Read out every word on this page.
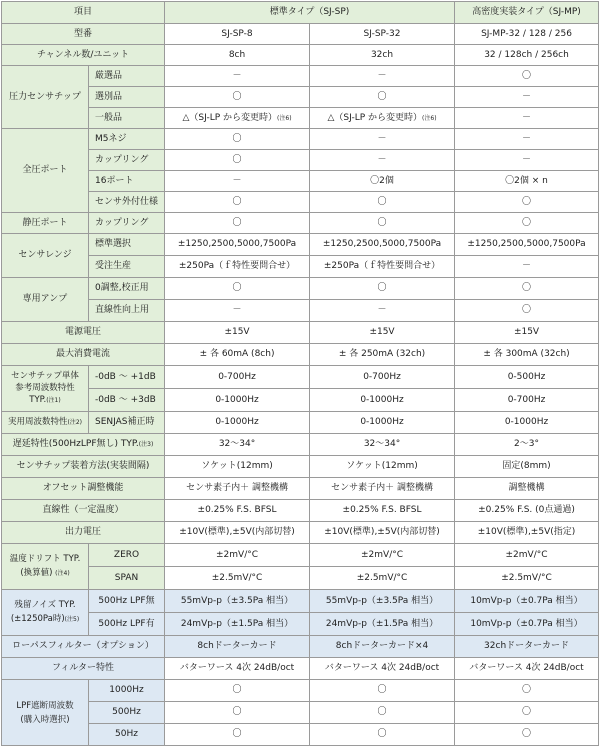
項目		標準タイプ（SJ-SP)		高密度実装タイプ（SJ-MP)
型番		SJ-SP-8	SJ-SP-32	SJ-MP-32 / 128 / 256
チャンネル数/ユニット		8ch	32ch	32 / 128ch / 256ch
圧力センサチップ	厳選品	－	－	〇
	選別品	〇	〇	－
	一般品	△（SJ-LP から変更時）(注6)	△（SJ-LP から変更時）(注6)	－
全圧ポート	M5ネジ	〇	－	－
	カップリング	〇	－	－
	16ポート	－	〇2個	〇2個 × n
	センサ外付仕様	〇	〇	〇
静圧ポート	カップリング	〇	〇	〇
センサレンジ	標準選択	±1250,2500,5000,7500Pa	±1250,2500,5000,7500Pa	±1250,2500,5000,7500Pa
	受注生産	±250Pa（ｆ特性要問合せ）	±250Pa（ｆ特性要問合せ）	－
専用アンプ	0調整,校正用	〇	〇	〇
	直線性向上用	－	－	〇
電源電圧		±15V	±15V	±15V
最大消費電流		± 各 60mA (8ch)	± 各 250mA (32ch)	± 各 300mA (32ch)

センサチップ単体
参考周波数特性
TYP.(注1)	-0dB ～ +1dB	0-700Hz	0-700Hz	0-500Hz
	-0dB ～ +3dB	0-1000Hz	0-1000Hz	0-700Hz
実用周波数特性(注2)	SENJAS補正時	0-1000Hz	0-1000Hz	0-1000Hz
遅延特性(500HzLPF無し) TYP.(注3)		32～34°	32～34°	2～3°
センサチップ装着方法(実装間隔)		ソケット(12mm)	ソケット(12mm)	固定(8mm)
オフセット調整機能		センサ素子内＋ 調整機構	センサ素子内＋ 調整機構	調整機構
直線性（一定温度）		±0.25% F.S. BFSL	±0.25% F.S. BFSL	±0.25% F.S. (0点通過)
出力電圧		±10V(標準),±5V(内部切替)	±10V(標準),±5V(内部切替)	±10V(標準),±5V(指定)

温度ドリフト TYP.
(換算値) (注4)	ZERO	±2mV/°C	±2mV/°C	±2mV/°C
	SPAN	±2.5mV/°C	±2.5mV/°C	±2.5mV/°C

残留ノイズ TYP.
(±1250Pa時)(注5)	500Hz LPF無	55mVp-p（±3.5Pa 相当）	55mVp-p（±3.5Pa 相当）	10mVp-p（±0.7Pa 相当）
	500Hz LPF有	24mVp-p（±1.5Pa 相当）	24mVp-p（±1.5Pa 相当）	10mVp-p（±0.7Pa 相当）
ローパスフィルター（オプション）		8chドーターカード	8chドーターカード×4	32chドーターカード
フィルター特性		バターワース 4次 24dB/oct	バターワース 4次 24dB/oct	バターワース 4次 24dB/oct

LPF遮断周波数
(購入時選択)	1000Hz	〇	〇	〇
	500Hz	〇	〇	〇
	50Hz	〇	〇	〇
